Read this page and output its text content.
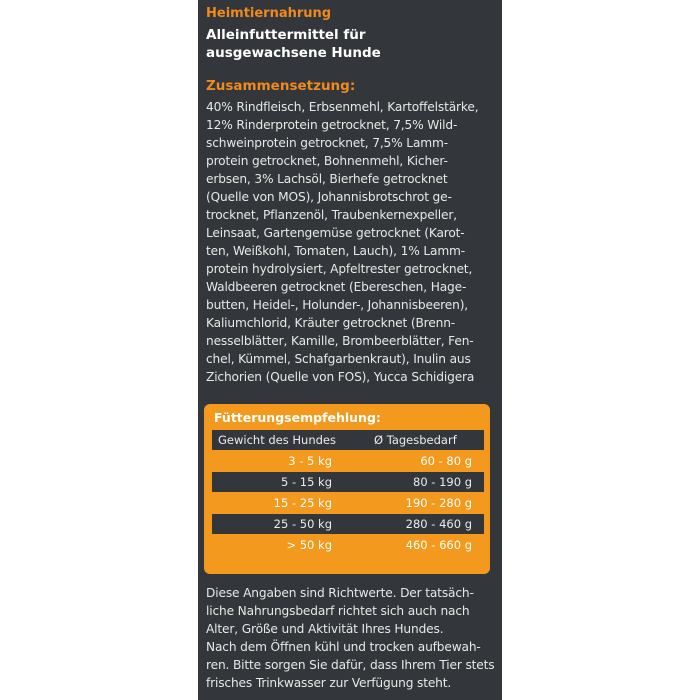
Heimtiernahrung
Alleinfuttermittel für
ausgewachsene Hunde
Zusammensetzung:
40% Rindfleisch, Erbsenmehl, Kartoffelstärke,
12% Rinderprotein getrocknet, 7,5% Wild-
schweinprotein getrocknet, 7,5% Lamm-
protein getrocknet, Bohnenmehl, Kicher-
erbsen, 3% Lachsöl, Bierhefe getrocknet
(Quelle von MOS), Johannisbrotschrot ge-
trocknet, Pflanzenöl, Traubenkernexpeller,
Leinsaat, Gartengemüse getrocknet (Karot-
ten, Weißkohl, Tomaten, Lauch), 1% Lamm-
protein hydrolysiert, Apfeltrester getrocknet,
Waldbeeren getrocknet (Ebereschen, Hage-
butten, Heidel-, Holunder-, Johannisbeeren),
Kaliumchlorid, Kräuter getrocknet (Brenn-
nesselblätter, Kamille, Brombeerblätter, Fen-
chel, Kümmel, Schafgarbenkraut), Inulin aus
Zichorien (Quelle von FOS), Yucca Schidigera
Fütterungsempfehlung:
Gewicht des Hundes	Ø Tagesbedarf
3 - 5 kg	60 - 80 g
5 - 15 kg	80 - 190 g
15 - 25 kg	190 - 280 g
25 - 50 kg	280 - 460 g
> 50 kg	460 - 660 g
Diese Angaben sind Richtwerte. Der tatsäch-
liche Nahrungsbedarf richtet sich auch nach
Alter, Größe und Aktivität Ihres Hundes.
Nach dem Öffnen kühl und trocken aufbewah-
ren. Bitte sorgen Sie dafür, dass Ihrem Tier stets
frisches Trinkwasser zur Verfügung steht.
